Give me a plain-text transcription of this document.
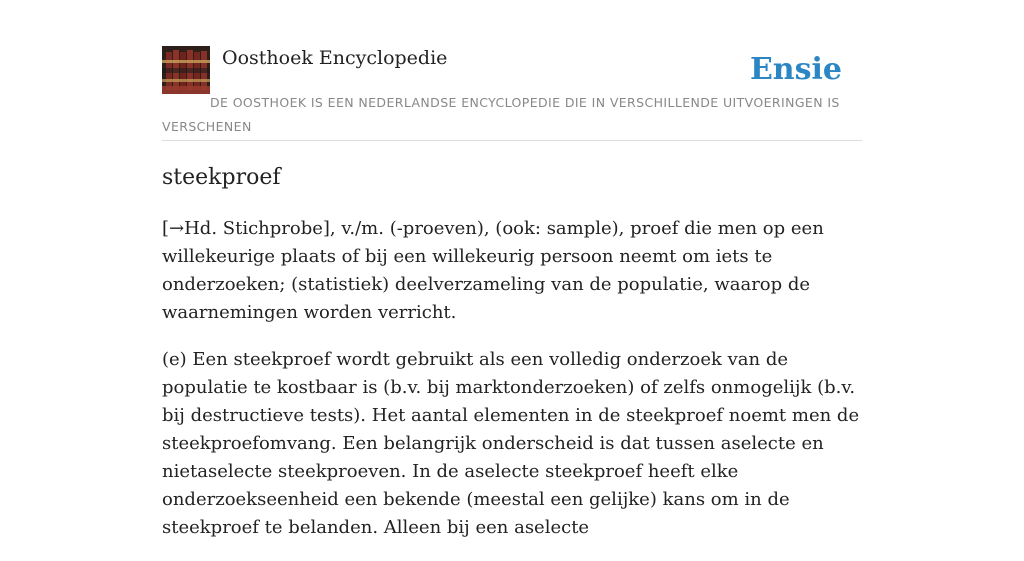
Oosthoek Encyclopedie	Ensie
DE OOSTHOEK IS EEN NEDERLANDSE ENCYCLOPEDIE DIE IN VERSCHILLENDE UITVOERINGEN IS VERSCHENEN
steekproef

[→Hd. Stichprobe], v./m. (-proeven), (ook: sample), proef die men op een willekeurige plaats of bij een willekeurig persoon neemt om iets te onderzoeken; (statistiek) deelverzameling van de populatie, waarop de waarnemingen worden verricht.

(e) Een steekproef wordt gebruikt als een volledig onderzoek van de populatie te kostbaar is (b.v. bij marktonderzoeken) of zelfs onmogelijk (b.v. bij destructieve tests). Het aantal elementen in de steekproef noemt men de steekproefomvang. Een belangrijk onderscheid is dat tussen aselecte en nietaselecte steekproeven. In de aselecte steekproef heeft elke onderzoekseenheid een bekende (meestal een gelijke) kans om in de steekproef te belanden. Alleen bij een aselecte
